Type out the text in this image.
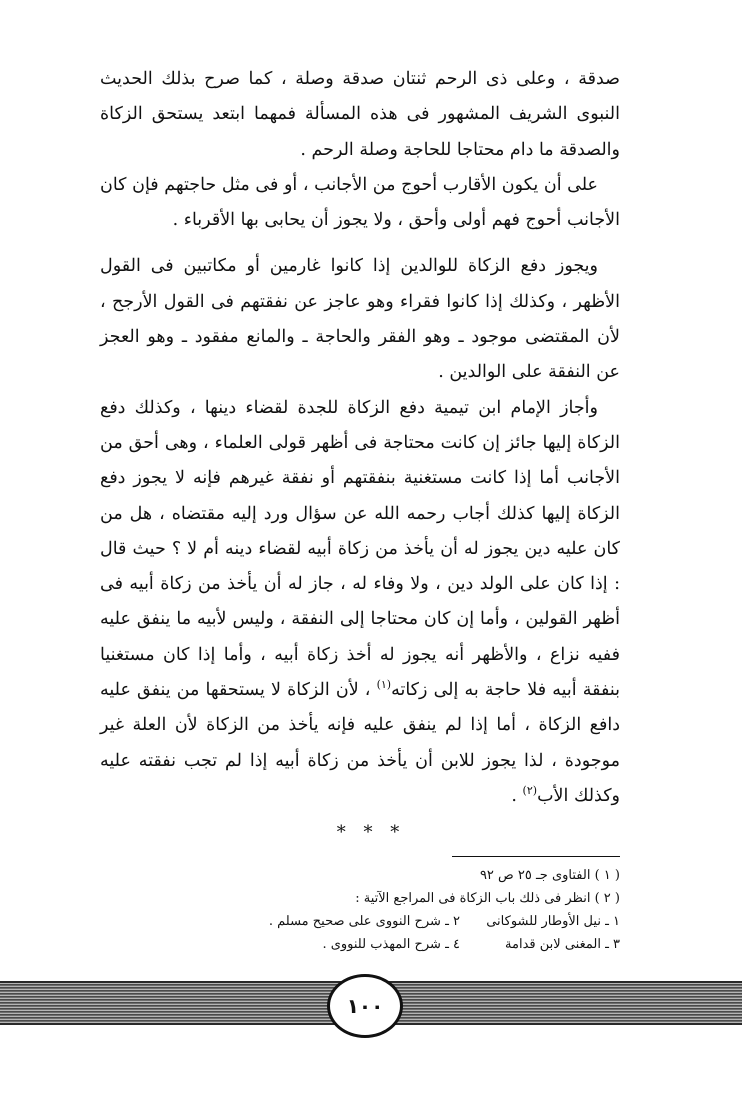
صدقة ، وعلى ذى الرحم ثنتان صدقة وصلة ، كما صرح بذلك الحديث النبوى الشريف المشهور فى هذه المسألة فمهما ابتعد يستحق الزكاة والصدقة ما دام محتاجا للحاجة وصلة الرحم .

على أن يكون الأقارب أحوج من الأجانب ، أو فى مثل حاجتهم فإن كان الأجانب أحوج فهم أولى وأحق ، ولا يجوز أن يحابى بها الأقرباء .

ويجوز دفع الزكاة للوالدين إذا كانوا غارمين أو مكاتبين فى القول الأظهر ، وكذلك إذا كانوا فقراء وهو عاجز عن نفقتهم فى القول الأرجح ، لأن المقتضى موجود ـ وهو الفقر والحاجة ـ والمانع مفقود ـ وهو العجز عن النفقة على الوالدين .

وأجاز الإمام ابن تيمية دفع الزكاة للجدة لقضاء دينها ، وكذلك دفع الزكاة إليها جائز إن كانت محتاجة فى أظهر قولى العلماء ، وهى أحق من الأجانب أما إذا كانت مستغنية بنفقتهم أو نفقة غيرهم فإنه لا يجوز دفع الزكاة إليها كذلك أجاب رحمه الله عن سؤال ورد إليه مقتضاه ، هل من كان عليه دين يجوز له أن يأخذ من زكاة أبيه لقضاء دينه أم لا ؟ حيث قال : إذا كان على الولد دين ، ولا وفاء له ، جاز له أن يأخذ من زكاة أبيه فى أظهر القولين ، وأما إن كان محتاجا إلى النفقة ، وليس لأبيه ما ينفق عليه ففيه نزاع ، والأظهر أنه يجوز له أخذ زكاة أبيه ، وأما إذا كان مستغنيا بنفقة أبيه فلا حاجة به إلى زكاته$^{(١)}$ ، لأن الزكاة لا يستحقها من ينفق عليه دافع الزكاة ، أما إذا لم ينفق عليه فإنه يأخذ من الزكاة لأن العلة غير موجودة ، لذا يجوز للابن أن يأخذ من زكاة أبيه إذا لم تجب نفقته عليه وكذلك الأب$^{(٢)}$ .

* * *

( ١ ) الفتاوى جـ ٢٥ ص ٩٢

( ٢ ) انظر فى ذلك باب الزكاة فى المراجع الآتية :

١ ـ نيل الأوطار للشوكانى
٢ ـ شرح النووى على صحيح مسلم .
٣ ـ المغنى لابن قدامة
٤ ـ شرح المهذب للنووى .
١٠٠
